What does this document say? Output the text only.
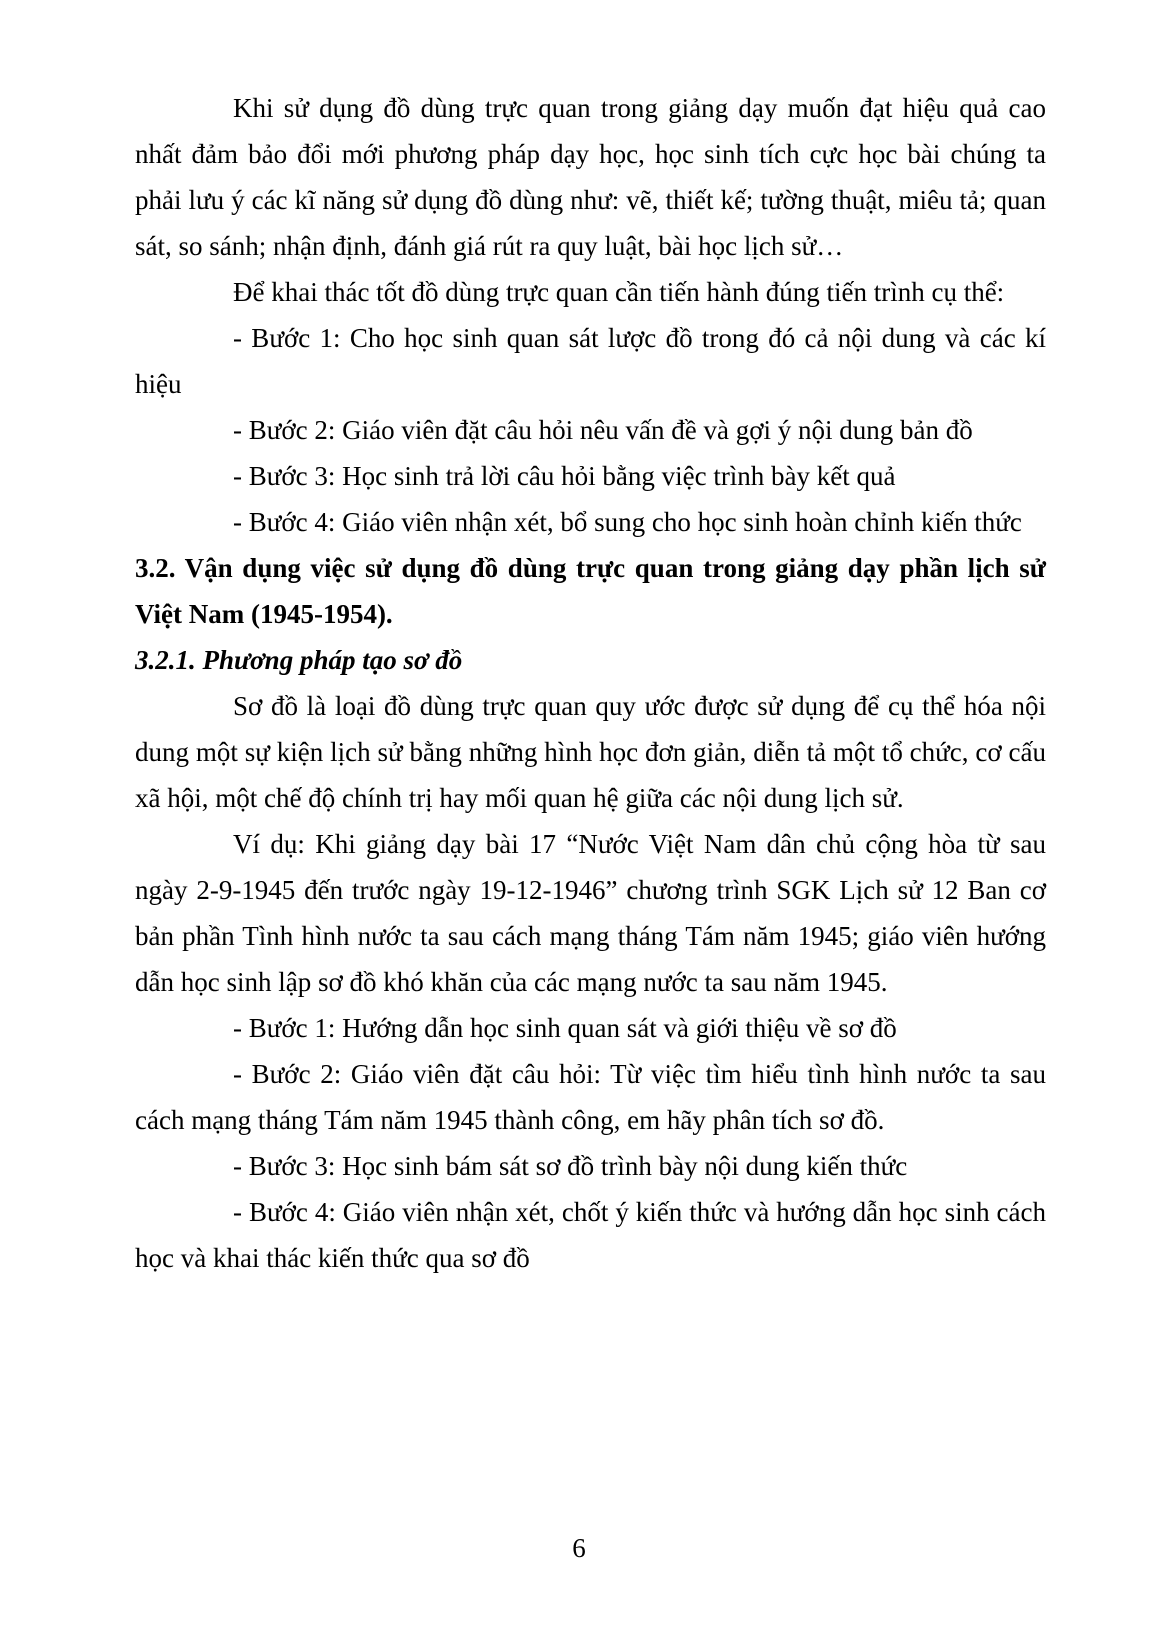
Khi sử dụng đồ dùng trực quan trong giảng dạy muốn đạt hiệu quả cao nhất đảm bảo đổi mới phương pháp dạy học, học sinh tích cực học bài chúng ta phải lưu ý các kĩ năng sử dụng đồ dùng như: vẽ, thiết kế; tường thuật, miêu tả; quan sát, so sánh; nhận định, đánh giá rút ra quy luật, bài học lịch sử…

Để khai thác tốt đồ dùng trực quan cần tiến hành đúng tiến trình cụ thể:

- Bước 1: Cho học sinh quan sát lược đồ trong đó cả nội dung và các kí hiệu

- Bước 2: Giáo viên đặt câu hỏi nêu vấn đề và gợi ý nội dung bản đồ

- Bước 3: Học sinh trả lời câu hỏi bằng việc trình bày kết quả

- Bước 4: Giáo viên nhận xét, bổ sung cho học sinh hoàn chỉnh kiến thức

3.2. Vận dụng việc sử dụng đồ dùng trực quan trong giảng dạy phần lịch sử Việt Nam (1945-1954).

3.2.1. Phương pháp tạo sơ đồ

Sơ đồ là loại đồ dùng trực quan quy ước được sử dụng để cụ thể hóa nội dung một sự kiện lịch sử bằng những hình học đơn giản, diễn tả một tổ chức, cơ cấu xã hội, một chế độ chính trị hay mối quan hệ giữa các nội dung lịch sử.

Ví dụ: Khi giảng dạy bài 17 “Nước Việt Nam dân chủ cộng hòa từ sau ngày 2-9-1945 đến trước ngày 19-12-1946” chương trình SGK Lịch sử 12 Ban cơ bản phần Tình hình nước ta sau cách mạng tháng Tám năm 1945; giáo viên hướng dẫn học sinh lập sơ đồ khó khăn của các mạng nước ta sau năm 1945.

- Bước 1: Hướng dẫn học sinh quan sát và giới thiệu về sơ đồ

- Bước 2: Giáo viên đặt câu hỏi: Từ việc tìm hiểu tình hình nước ta sau cách mạng tháng Tám năm 1945 thành công, em hãy phân tích sơ đồ.

- Bước 3: Học sinh bám sát sơ đồ trình bày nội dung kiến thức

- Bước 4: Giáo viên nhận xét, chốt ý kiến thức và hướng dẫn học sinh cách học và khai thác kiến thức qua sơ đồ

6
